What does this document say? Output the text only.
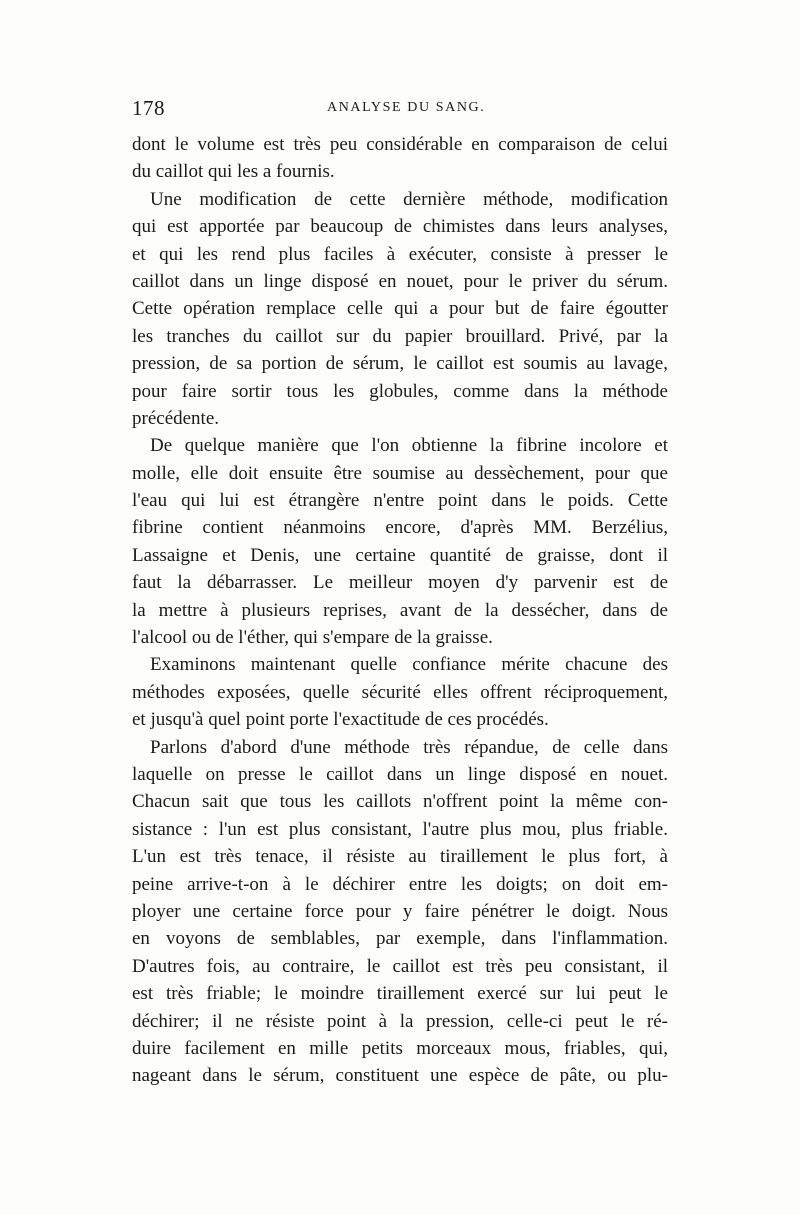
178	ANALYSE DU SANG.
dont le volume est très peu considérable en comparaison de celui
du caillot qui les a fournis.
Une modification de cette dernière méthode, modification
qui est apportée par beaucoup de chimistes dans leurs analyses,
et qui les rend plus faciles à exécuter, consiste à presser le
caillot dans un linge disposé en nouet, pour le priver du sérum.
Cette opération remplace celle qui a pour but de faire égoutter
les tranches du caillot sur du papier brouillard. Privé, par la
pression, de sa portion de sérum, le caillot est soumis au lavage,
pour faire sortir tous les globules, comme dans la méthode
précédente.
De quelque manière que l'on obtienne la fibrine incolore et
molle, elle doit ensuite être soumise au dessèchement, pour que
l'eau qui lui est étrangère n'entre point dans le poids. Cette
fibrine contient néanmoins encore, d'après MM. Berzélius,
Lassaigne et Denis, une certaine quantité de graisse, dont il
faut la débarrasser. Le meilleur moyen d'y parvenir est de
la mettre à plusieurs reprises, avant de la dessécher, dans de
l'alcool ou de l'éther, qui s'empare de la graisse.
Examinons maintenant quelle confiance mérite chacune des
méthodes exposées, quelle sécurité elles offrent réciproquement,
et jusqu'à quel point porte l'exactitude de ces procédés.
Parlons d'abord d'une méthode très répandue, de celle dans
laquelle on presse le caillot dans un linge disposé en nouet.
Chacun sait que tous les caillots n'offrent point la même con-
sistance : l'un est plus consistant, l'autre plus mou, plus friable.
L'un est très tenace, il résiste au tiraillement le plus fort, à
peine arrive-t-on à le déchirer entre les doigts; on doit em-
ployer une certaine force pour y faire pénétrer le doigt. Nous
en voyons de semblables, par exemple, dans l'inflammation.
D'autres fois, au contraire, le caillot est très peu consistant, il
est très friable; le moindre tiraillement exercé sur lui peut le
déchirer; il ne résiste point à la pression, celle-ci peut le ré-
duire facilement en mille petits morceaux mous, friables, qui,
nageant dans le sérum, constituent une espèce de pâte, ou plu-
